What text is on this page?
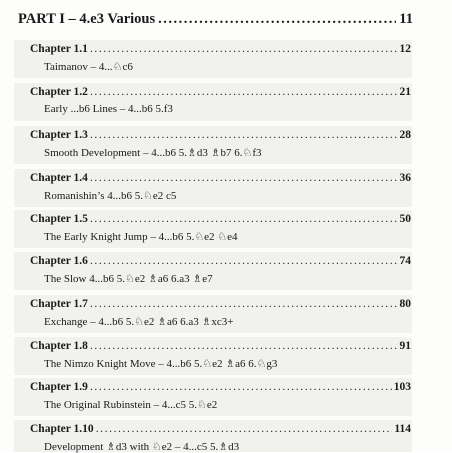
PART I – 4.e3 Various .....	11
Chapter 1.1 .....	12
Taimanov – 4...♘c6
Chapter 1.2 .....	21
Early ...b6 Lines – 4...b6 5.f3
Chapter 1.3 .....	28
Smooth Development – 4...b6 5.♗d3 ♗b7 6.♘f3
Chapter 1.4 .....	36
Romanishin’s 4...b6 5.♘e2 c5
Chapter 1.5 .....	50
The Early Knight Jump – 4...b6 5.♘e2 ♘e4
Chapter 1.6 .....	74
The Slow 4...b6 5.♘e2 ♗a6 6.a3 ♗e7
Chapter 1.7 .....	80
Exchange – 4...b6 5.♘e2 ♗a6 6.a3 ♗xc3+
Chapter 1.8 .....	91
The Nimzo Knight Move – 4...b6 5.♘e2 ♗a6 6.♘g3
Chapter 1.9 .....	103
The Original Rubinstein – 4...c5 5.♘e2
Chapter 1.10 .....	114
Development ♗d3 with ♘e2 – 4...c5 5.♗d3
